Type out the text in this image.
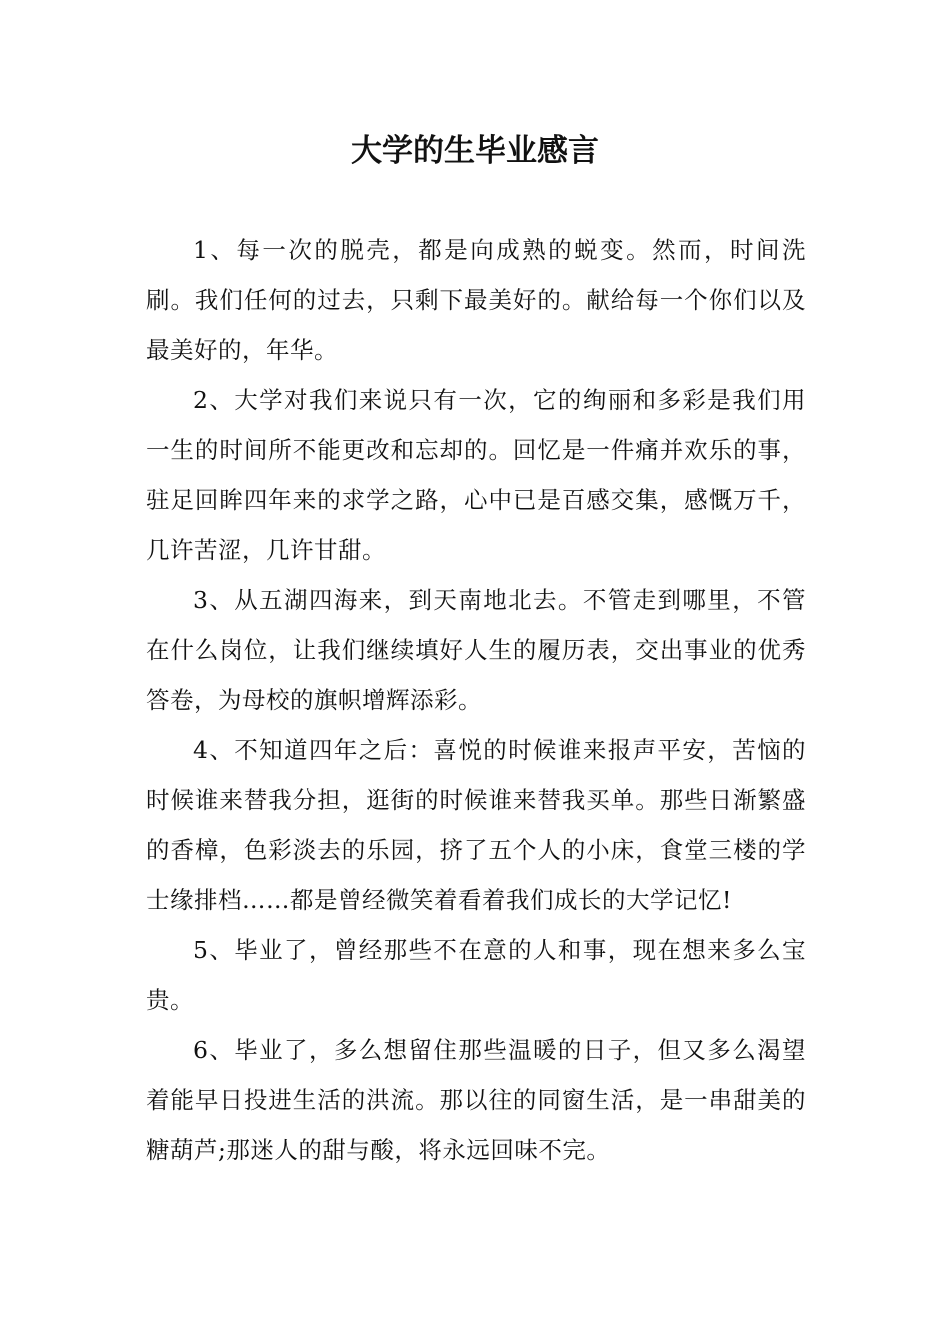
大学的生毕业感言

1、每一次的脱壳，都是向成熟的蜕变。然而，时间洗刷。我们任何的过去，只剩下最美好的。献给每一个你们以及最美好的，年华。

2、大学对我们来说只有一次，它的绚丽和多彩是我们用一生的时间所不能更改和忘却的。回忆是一件痛并欢乐的事，驻足回眸四年来的求学之路，心中已是百感交集，感慨万千，几许苦涩，几许甘甜。

3、从五湖四海来，到天南地北去。不管走到哪里，不管在什么岗位，让我们继续填好人生的履历表，交出事业的优秀答卷，为母校的旗帜增辉添彩。

4、不知道四年之后：喜悦的时候谁来报声平安，苦恼的时候谁来替我分担，逛街的时候谁来替我买单。那些日渐繁盛的香樟，色彩淡去的乐园，挤了五个人的小床，食堂三楼的学士缘排档……都是曾经微笑着看着我们成长的大学记忆!

5、毕业了，曾经那些不在意的人和事，现在想来多么宝贵。

6、毕业了，多么想留住那些温暖的日子，但又多么渴望着能早日投进生活的洪流。那以往的同窗生活，是一串甜美的糖葫芦;那迷人的甜与酸，将永远回味不完。
